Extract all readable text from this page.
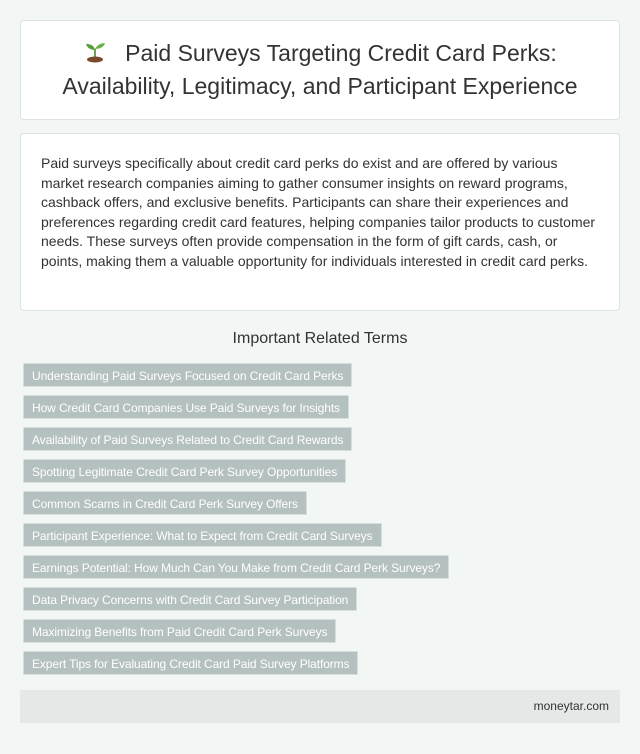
Paid Surveys Targeting Credit Card Perks: Availability, Legitimacy, and Participant Experience

Paid surveys specifically about credit card perks do exist and are offered by various market research companies aiming to gather consumer insights on reward programs, cashback offers, and exclusive benefits. Participants can share their experiences and preferences regarding credit card features, helping companies tailor products to customer needs. These surveys often provide compensation in the form of gift cards, cash, or points, making them a valuable opportunity for individuals interested in credit card perks.

Important Related Terms
Understanding Paid Surveys Focused on Credit Card Perks
How Credit Card Companies Use Paid Surveys for Insights
Availability of Paid Surveys Related to Credit Card Rewards
Spotting Legitimate Credit Card Perk Survey Opportunities
Common Scams in Credit Card Perk Survey Offers
Participant Experience: What to Expect from Credit Card Surveys
Earnings Potential: How Much Can You Make from Credit Card Perk Surveys?
Data Privacy Concerns with Credit Card Survey Participation
Maximizing Benefits from Paid Credit Card Perk Surveys
Expert Tips for Evaluating Credit Card Paid Survey Platforms
moneytar.com
